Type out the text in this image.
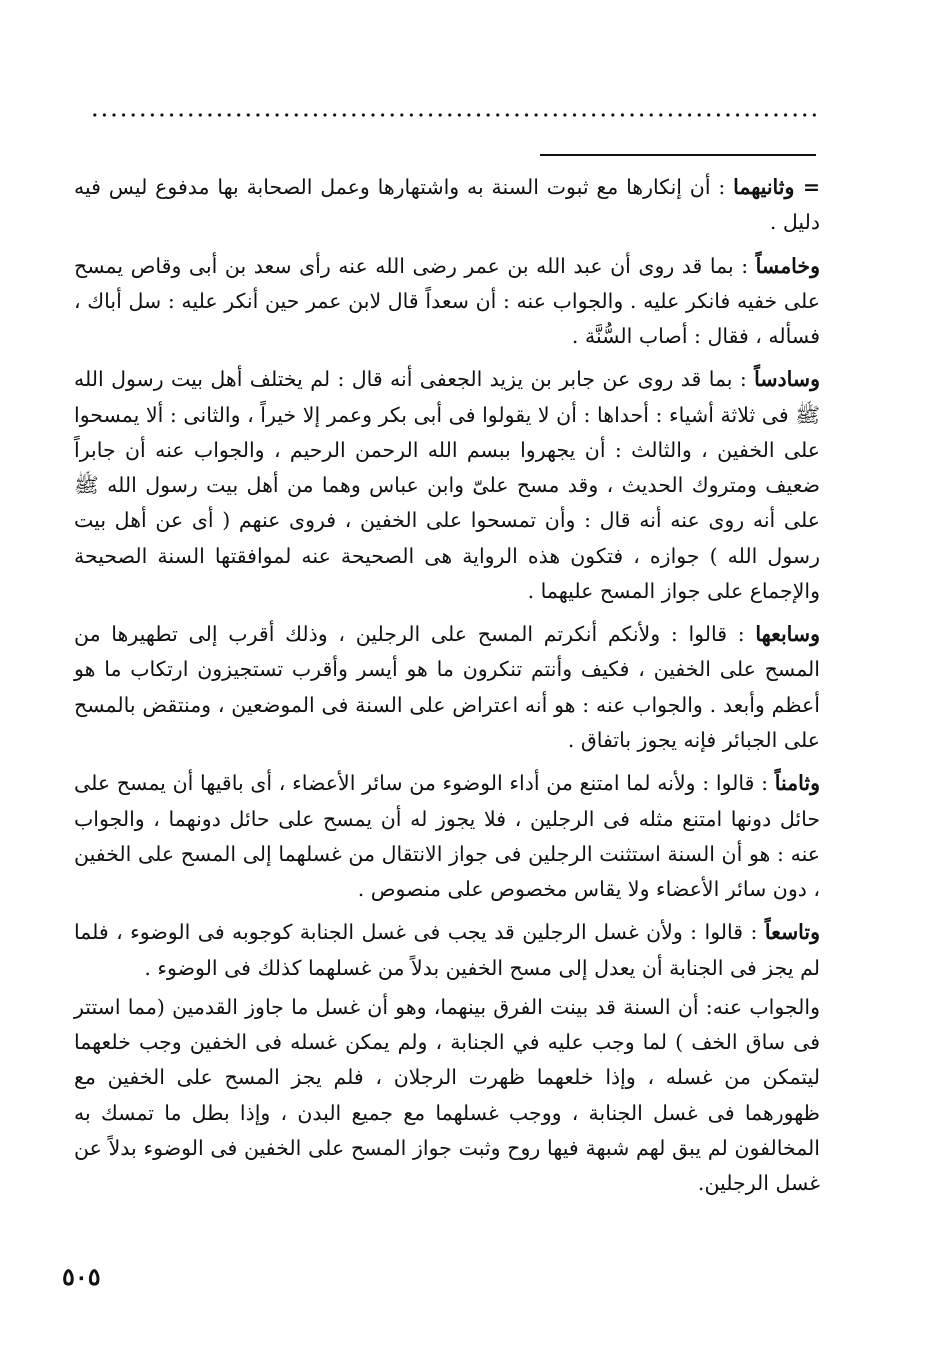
= وثانيهما : أن إنكارها مع ثبوت السنة به واشتهارها وعمل الصحابة بها مدفوع ليس فيه دليل .

وخامساً : بما قد روى أن عبد الله بن عمر رضى الله عنه رأى سعد بن أبى وقاص يمسح على خفيه فانكر عليه . والجواب عنه : أن سعداً قال لابن عمر حين أنكر عليه : سل أباك ، فسأله ، فقال : أصاب السُّنَّة .

وسادساً : بما قد روى عن جابر بن يزيد الجعفى أنه قال : لم يختلف أهل بيت رسول الله ﷺ فى ثلاثة أشياء : أحداها : أن لا يقولوا فى أبى بكر وعمر إلا خيراً ، والثانى : ألا يمسحوا على الخفين ، والثالث : أن يجهروا ببسم الله الرحمن الرحيم ، والجواب عنه أن جابراً ضعيف ومتروك الحديث ، وقد مسح علىّ وابن عباس وهما من أهل بيت رسول الله ﷺ على أنه روى عنه أنه قال : وأن تمسحوا على الخفين ، فروى عنهم ( أى عن أهل بيت رسول الله ) جوازه ، فتكون هذه الرواية هى الصحيحة عنه لموافقتها السنة الصحيحة والإجماع على جواز المسح عليهما .

وسابعها : قالوا : ولأنكم أنكرتم المسح على الرجلين ، وذلك أقرب إلى تطهيرها من المسح على الخفين ، فكيف وأنتم تنكرون ما هو أيسر وأقرب تستجيزون ارتكاب ما هو أعظم وأبعد . والجواب عنه : هو أنه اعتراض على السنة فى الموضعين ، ومنتقض بالمسح على الجبائر فإنه يجوز باتفاق .

وثامناً : قالوا : ولأنه لما امتنع من أداء الوضوء من سائر الأعضاء ، أى باقيها أن يمسح على حائل دونها امتنع مثله فى الرجلين ، فلا يجوز له أن يمسح على حائل دونهما ، والجواب عنه : هو أن السنة استثنت الرجلين فى جواز الانتقال من غسلهما إلى المسح على الخفين ، دون سائر الأعضاء ولا يقاس مخصوص على منصوص .

وتاسعاً : قالوا : ولأن غسل الرجلين قد يجب فى غسل الجنابة كوجوبه فى الوضوء ، فلما لم يجز فى الجنابة أن يعدل إلى مسح الخفين بدلاً من غسلهما كذلك فى الوضوء .

والجواب عنه: أن السنة قد بينت الفرق بينهما، وهو أن غسل ما جاوز القدمين (مما استتر فى ساق الخف ) لما وجب عليه في الجنابة ، ولم يمكن غسله فى الخفين وجب خلعهما ليتمكن من غسله ، وإذا خلعهما ظهرت الرجلان ، فلم يجز المسح على الخفين مع ظهورهما فى غسل الجنابة ، ووجب غسلهما مع جميع البدن ، وإذا بطل ما تمسك به المخالفون لم يبق لهم شبهة فيها روح وثبت جواز المسح على الخفين فى الوضوء بدلاً عن غسل الرجلين.

٥٠٥
